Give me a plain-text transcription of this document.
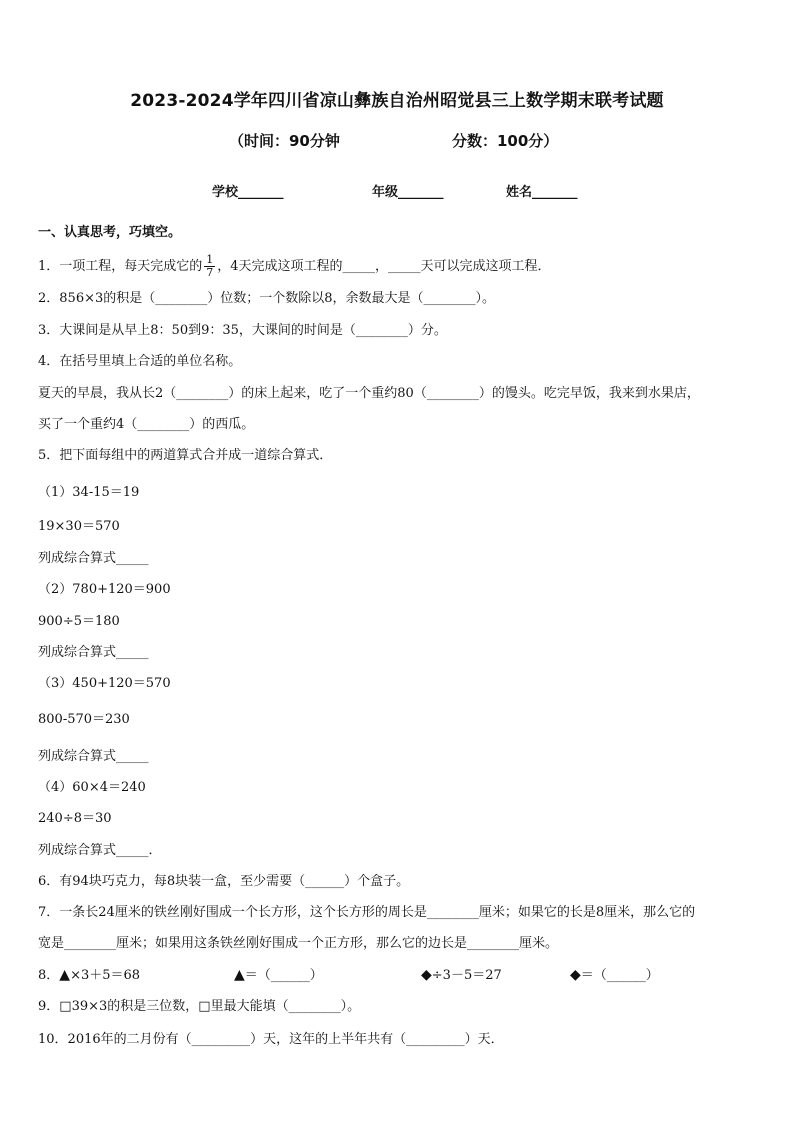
2023-2024学年四川省凉山彝族自治州昭觉县三上数学期末联考试题
（时间：90分钟	分数：100分）
学校_______	年级_______	姓名_______
一、认真思考，巧填空。
1．一项工程，每天完成它的 $\frac{1}{7}$ ，4天完成这项工程的_____，_____天可以完成这项工程．
2．856×3的积是（________）位数；一个数除以8，余数最大是（________）。
3．大课间是从早上8：50到9：35，大课间的时间是（________）分。
4．在括号里填上合适的单位名称。
夏天的早晨，我从长2（________）的床上起来，吃了一个重约80（________）的馒头。吃完早饭，我来到水果店，
买了一个重约4（________）的西瓜。
5．把下面每组中的两道算式合并成一道综合算式．
（1）34-15＝19
19×30＝570
列成综合算式_____
（2）780+120＝900
900÷5＝180
列成综合算式_____
（3）450+120＝570
800-570＝230
列成综合算式_____
（4）60×4＝240
240÷8＝30
列成综合算式_____．
6．有94块巧克力，每8块装一盒，至少需要（______）个盒子。
7．一条长24厘米的铁丝刚好围成一个长方形，这个长方形的周长是________厘米；如果它的长是8厘米，那么它的
宽是________厘米；如果用这条铁丝刚好围成一个正方形，那么它的边长是________厘米。
8．▲×3＋5＝68	▲＝（______）	◆÷3－5＝27	◆＝（______）
9．□39×3的积是三位数，□里最大能填（________）。
10．2016年的二月份有（_________）天，这年的上半年共有（_________）天．
